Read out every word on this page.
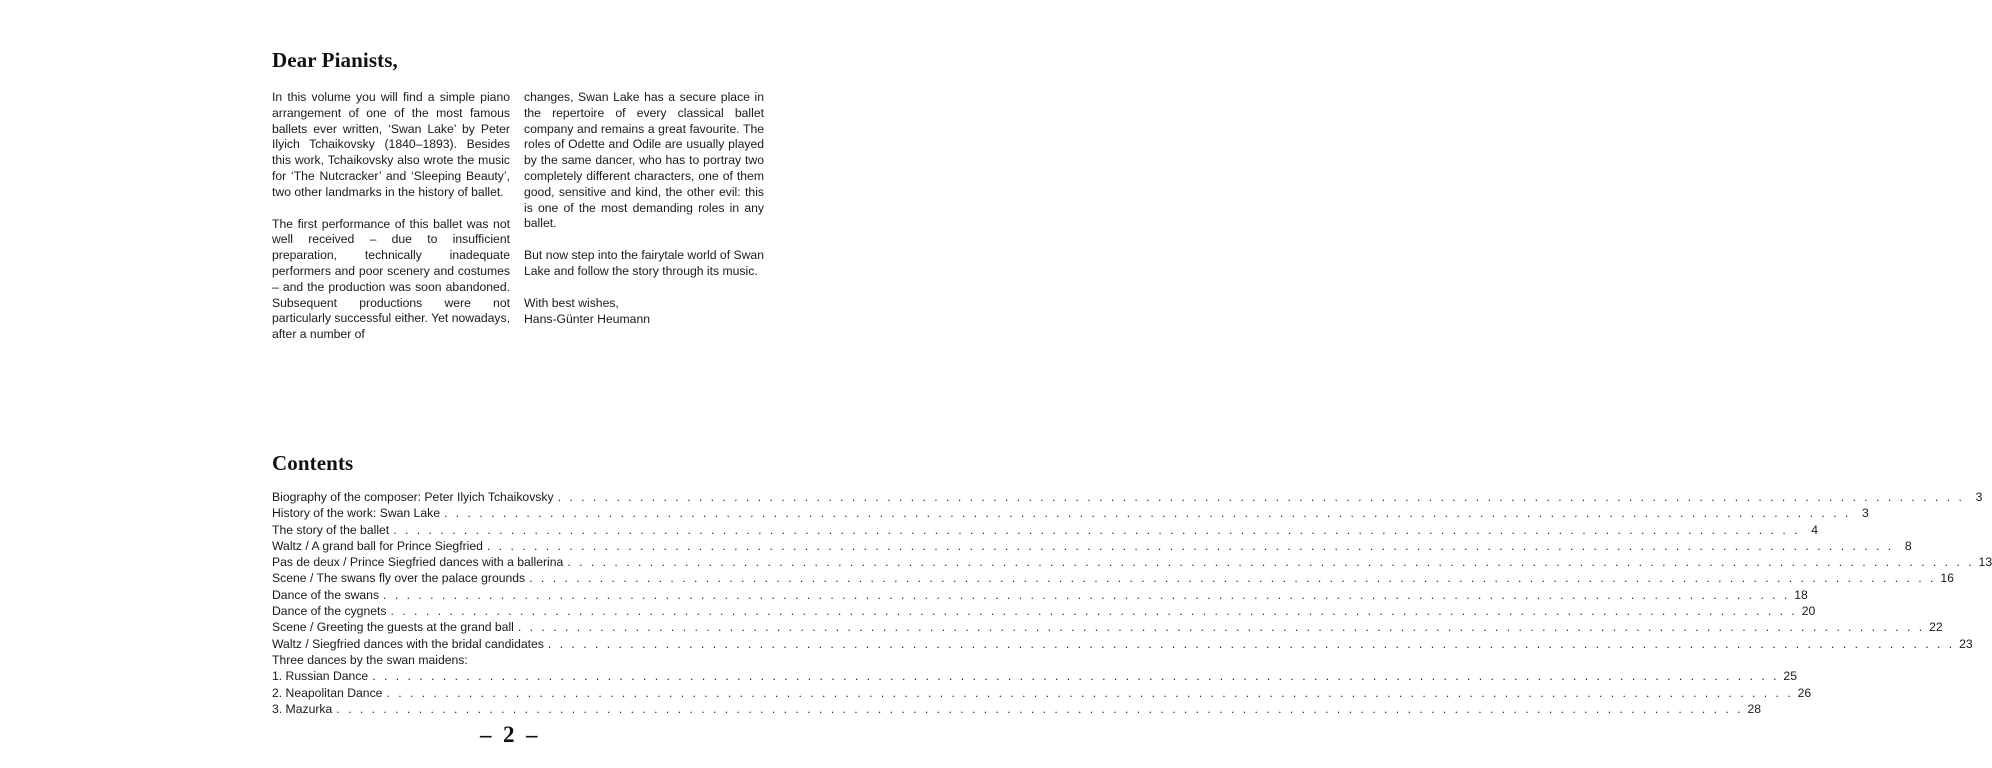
Dear Pianists,

In this volume you will find a simple piano arrangement of one of the most famous ballets ever written, ‘Swan Lake’ by Peter Ilyich Tchaikovsky (1840–1893). Besides this work, Tchaikovsky also wrote the music for ‘The Nutcracker’ and ‘Sleeping Beauty’, two other landmarks in the history of ballet.

The first performance of this ballet was not well received – due to insufficient preparation, technically inadequate performers and poor scenery and costumes – and the production was soon abandoned. Subsequent productions were not particularly successful either. Yet nowadays, after a number of

changes, Swan Lake has a secure place in the repertoire of every classical ballet company and remains a great favourite. The roles of Odette and Odile are usually played by the same dancer, who has to portray two completely different characters, one of them good, sensitive and kind, the other evil: this is one of the most demanding roles in any ballet.

But now step into the fairytale world of Swan Lake and follow the story through its music.

With best wishes,
Hans-Günter Heumann

Contents
Biography of the composer: Peter Ilyich Tchaikovsky . . . . . . . . . . . . . . . . . . . . . . . . . . . . . . . . . . . . . . . . . . . . . . . . . . . . . . . . . . . . . . . . . . . . . . . . . . . . . . . . . . . . . . . . . . . . . . . . . . . . . . . . . . . . . . . . . . . . . . . . 3
History of the work: Swan Lake . . . . . . . . . . . . . . . . . . . . . . . . . . . . . . . . . . . . . . . . . . . . . . . . . . . . . . . . . . . . . . . . . . . . . . . . . . . . . . . . . . . . . . . . . . . . . . . . . . . . . . . . . . . . . . . . . . . . . . . . 3
The story of the ballet . . . . . . . . . . . . . . . . . . . . . . . . . . . . . . . . . . . . . . . . . . . . . . . . . . . . . . . . . . . . . . . . . . . . . . . . . . . . . . . . . . . . . . . . . . . . . . . . . . . . . . . . . . . . . . . . . . . . . . . . 4
Waltz / A grand ball for Prince Siegfried . . . . . . . . . . . . . . . . . . . . . . . . . . . . . . . . . . . . . . . . . . . . . . . . . . . . . . . . . . . . . . . . . . . . . . . . . . . . . . . . . . . . . . . . . . . . . . . . . . . . . . . . . . . . . . . . . . . . . . . . 8
Pas de deux / Prince Siegfried dances with a ballerina . . . . . . . . . . . . . . . . . . . . . . . . . . . . . . . . . . . . . . . . . . . . . . . . . . . . . . . . . . . . . . . . . . . . . . . . . . . . . . . . . . . . . . . . . . . . . . . . . . . . . . . . . . . . . . . . . . . . . . . . 13
Scene / The swans fly over the palace grounds . . . . . . . . . . . . . . . . . . . . . . . . . . . . . . . . . . . . . . . . . . . . . . . . . . . . . . . . . . . . . . . . . . . . . . . . . . . . . . . . . . . . . . . . . . . . . . . . . . . . . . . . . . . . . . . . . . . . . . . . 16
Dance of the swans . . . . . . . . . . . . . . . . . . . . . . . . . . . . . . . . . . . . . . . . . . . . . . . . . . . . . . . . . . . . . . . . . . . . . . . . . . . . . . . . . . . . . . . . . . . . . . . . . . . . . . . . . . . . . . . . . . . . . . . . 18
Dance of the cygnets . . . . . . . . . . . . . . . . . . . . . . . . . . . . . . . . . . . . . . . . . . . . . . . . . . . . . . . . . . . . . . . . . . . . . . . . . . . . . . . . . . . . . . . . . . . . . . . . . . . . . . . . . . . . . . . . . . . . . . . . 20
Scene / Greeting the guests at the grand ball . . . . . . . . . . . . . . . . . . . . . . . . . . . . . . . . . . . . . . . . . . . . . . . . . . . . . . . . . . . . . . . . . . . . . . . . . . . . . . . . . . . . . . . . . . . . . . . . . . . . . . . . . . . . . . . . . . . . . . . . 22
Waltz / Siegfried dances with the bridal candidates . . . . . . . . . . . . . . . . . . . . . . . . . . . . . . . . . . . . . . . . . . . . . . . . . . . . . . . . . . . . . . . . . . . . . . . . . . . . . . . . . . . . . . . . . . . . . . . . . . . . . . . . . . . . . . . . . . . . . . . . 23
Three dances by the swan maidens:
1. Russian Dance . . . . . . . . . . . . . . . . . . . . . . . . . . . . . . . . . . . . . . . . . . . . . . . . . . . . . . . . . . . . . . . . . . . . . . . . . . . . . . . . . . . . . . . . . . . . . . . . . . . . . . . . . . . . . . . . . . . . . . . . 25
2. Neapolitan Dance . . . . . . . . . . . . . . . . . . . . . . . . . . . . . . . . . . . . . . . . . . . . . . . . . . . . . . . . . . . . . . . . . . . . . . . . . . . . . . . . . . . . . . . . . . . . . . . . . . . . . . . . . . . . . . . . . . . . . . . . 26
3. Mazurka . . . . . . . . . . . . . . . . . . . . . . . . . . . . . . . . . . . . . . . . . . . . . . . . . . . . . . . . . . . . . . . . . . . . . . . . . . . . . . . . . . . . . . . . . . . . . . . . . . . . . . . . . . . . . . . . . . . . . . . . 28
–  2  –
